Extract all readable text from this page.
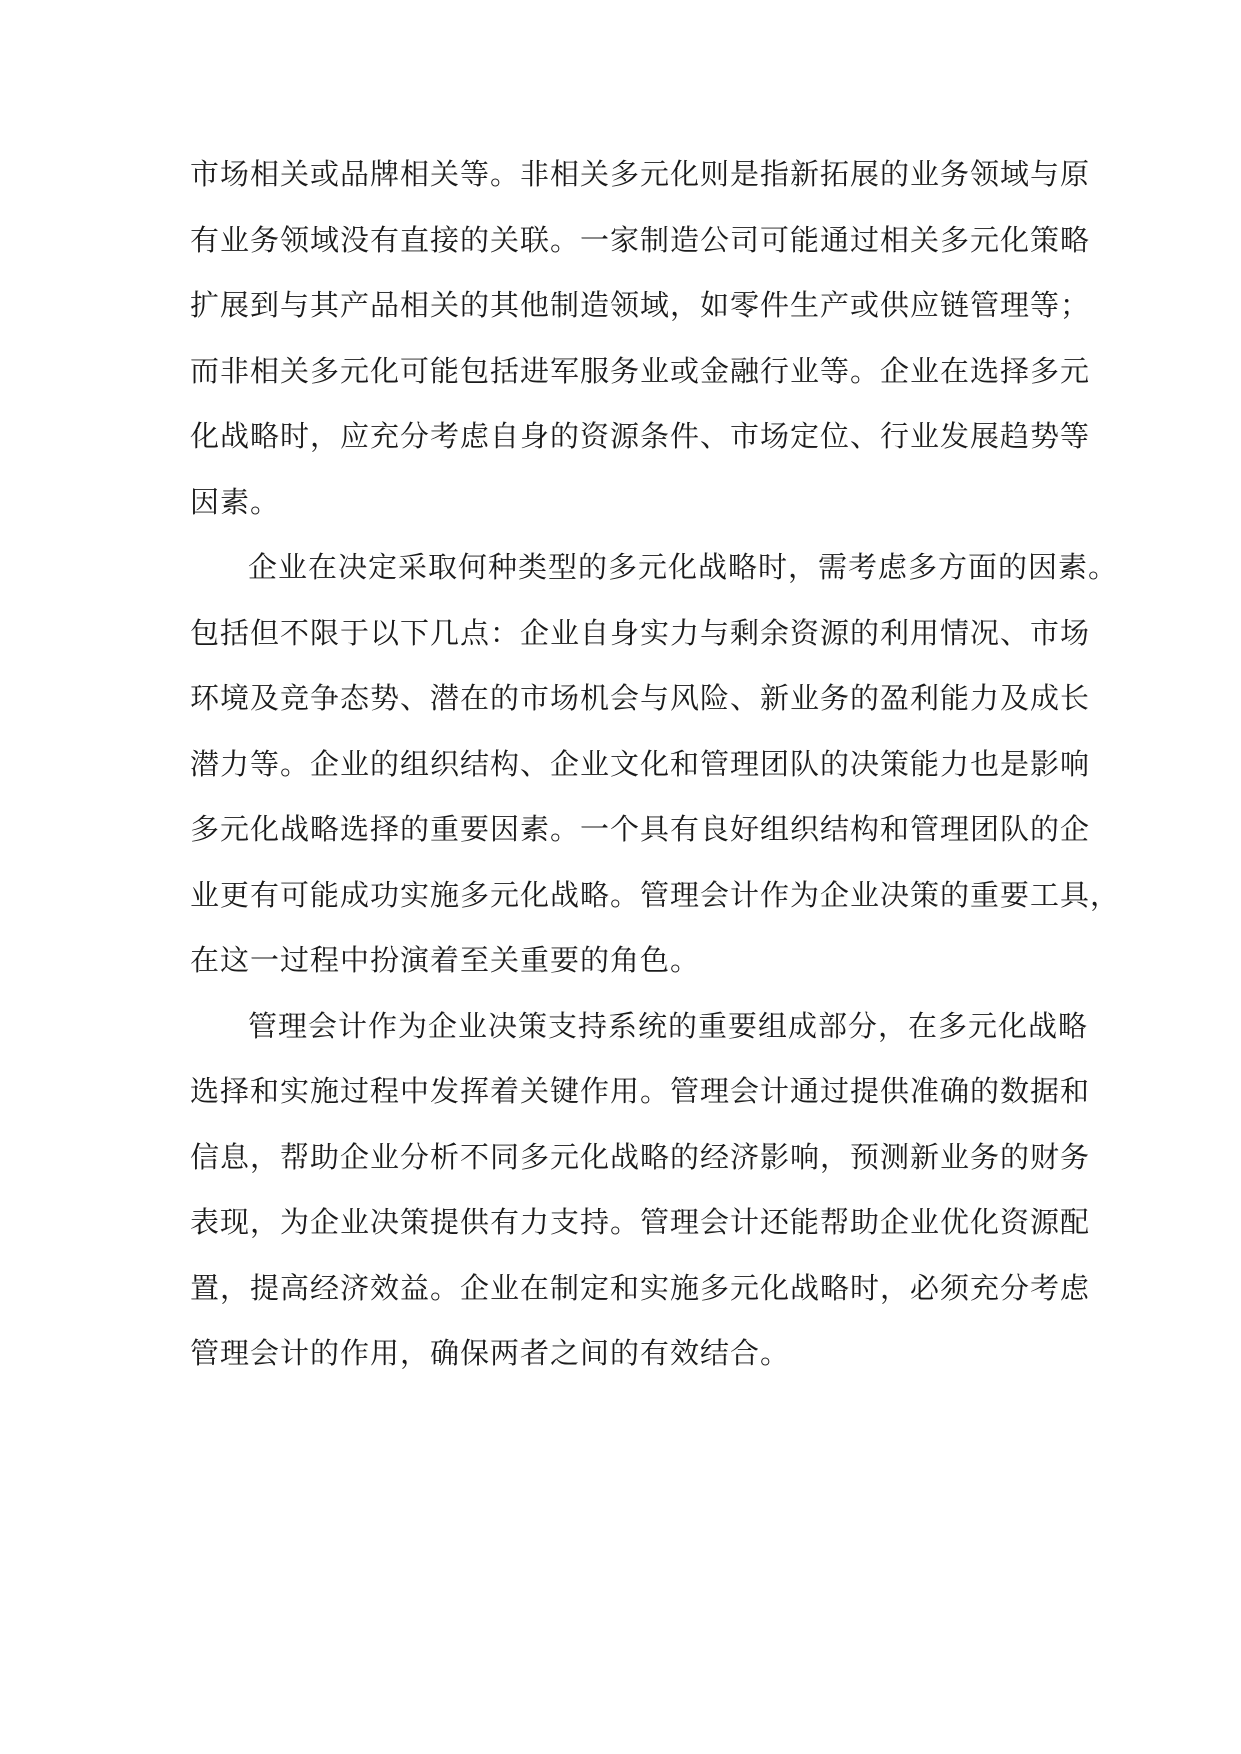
市场相关或品牌相关等。非相关多元化则是指新拓展的业务领域与原
有业务领域没有直接的关联。一家制造公司可能通过相关多元化策略
扩展到与其产品相关的其他制造领域，如零件生产或供应链管理等；
而非相关多元化可能包括进军服务业或金融行业等。企业在选择多元
化战略时，应充分考虑自身的资源条件、市场定位、行业发展趋势等
因素。
企业在决定采取何种类型的多元化战略时，需考虑多方面的因素。
包括但不限于以下几点：企业自身实力与剩余资源的利用情况、市场
环境及竞争态势、潜在的市场机会与风险、新业务的盈利能力及成长
潜力等。企业的组织结构、企业文化和管理团队的决策能力也是影响
多元化战略选择的重要因素。一个具有良好组织结构和管理团队的企
业更有可能成功实施多元化战略。管理会计作为企业决策的重要工具，
在这一过程中扮演着至关重要的角色。
管理会计作为企业决策支持系统的重要组成部分，在多元化战略
选择和实施过程中发挥着关键作用。管理会计通过提供准确的数据和
信息，帮助企业分析不同多元化战略的经济影响，预测新业务的财务
表现，为企业决策提供有力支持。管理会计还能帮助企业优化资源配
置，提高经济效益。企业在制定和实施多元化战略时，必须充分考虑
管理会计的作用，确保两者之间的有效结合。
